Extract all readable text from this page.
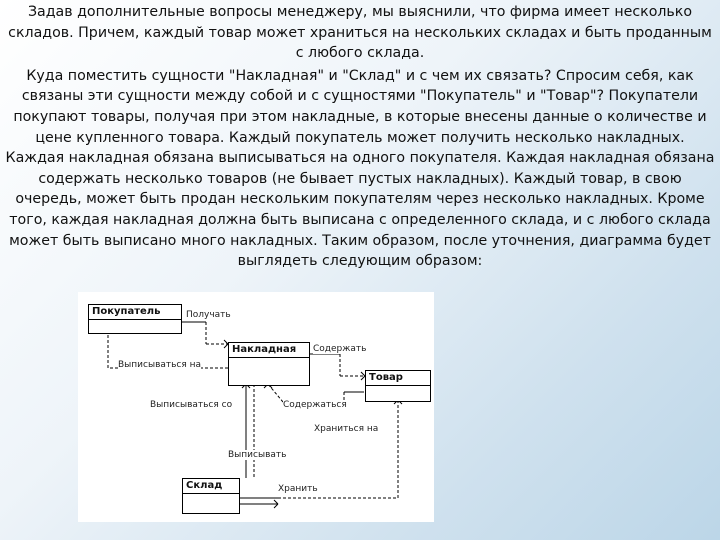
Задав дополнительные вопросы менеджеру, мы выяснили, что фирма имеет несколько складов. Причем, каждый товар может храниться на нескольких складах и быть проданным с любого склада.

Куда поместить сущности "Накладная" и "Склад" и с чем их связать? Спросим себя, как связаны эти сущности между собой и с сущностями "Покупатель" и "Товар"? Покупатели покупают товары, получая при этом накладные, в которые внесены данные о количестве и цене купленного товара. Каждый покупатель может получить несколько накладных. Каждая накладная обязана выписываться на одного покупателя. Каждая накладная обязана содержать несколько товаров (не бывает пустых накладных). Каждый товар, в свою очередь, может быть продан нескольким покупателям через несколько накладных. Кроме того, каждая накладная должна быть выписана с определенного склада, и с любого склада может быть выписано много накладных. Таким образом, после уточнения, диаграмма будет выглядеть следующим образом:

Покупатель
Накладная
Товар
Склад
Получать
Содержать
Выписываться на
Выписываться со	Содержаться
Храниться на
Выписывать
Хранить
